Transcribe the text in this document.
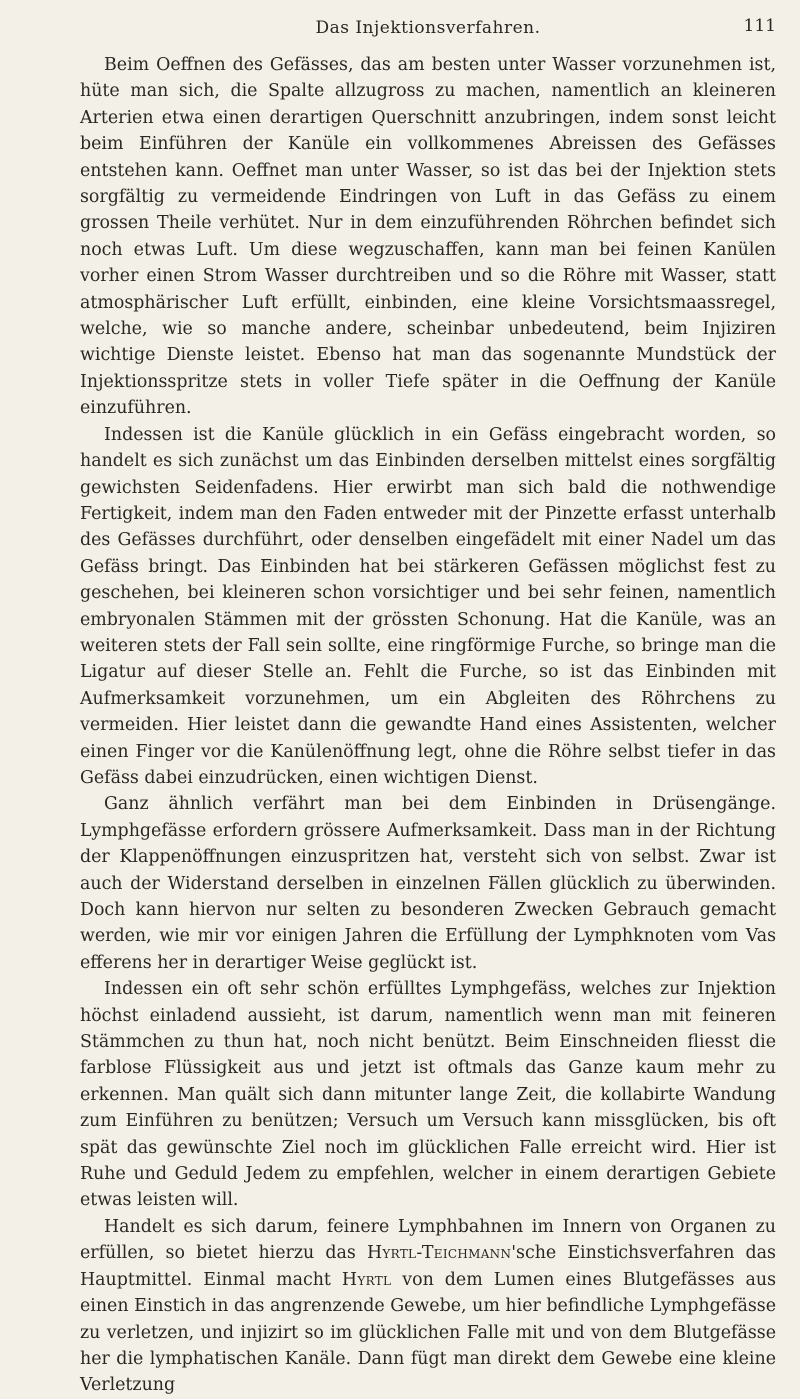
Das Injektionsverfahren.	111

Beim Oeffnen des Gefässes, das am besten unter Wasser vorzunehmen ist, hüte man sich, die Spalte allzugross zu machen, namentlich an kleineren Arterien etwa einen derartigen Querschnitt anzubringen, indem sonst leicht beim Einführen der Kanüle ein vollkommenes Abreissen des Gefässes entstehen kann. Oeffnet man unter Wasser, so ist das bei der Injektion stets sorgfältig zu vermeidende Eindringen von Luft in das Gefäss zu einem grossen Theile verhütet. Nur in dem einzuführenden Röhrchen befindet sich noch etwas Luft. Um diese wegzuschaffen, kann man bei feinen Kanülen vorher einen Strom Wasser durchtreiben und so die Röhre mit Wasser, statt atmosphärischer Luft erfüllt, einbinden, eine kleine Vorsichtsmaassregel, welche, wie so manche andere, scheinbar unbedeutend, beim Injiziren wichtige Dienste leistet. Ebenso hat man das sogenannte Mundstück der Injektionsspritze stets in voller Tiefe später in die Oeffnung der Kanüle einzuführen.

Indessen ist die Kanüle glücklich in ein Gefäss eingebracht worden, so handelt es sich zunächst um das Einbinden derselben mittelst eines sorgfältig gewichsten Seidenfadens. Hier erwirbt man sich bald die nothwendige Fertigkeit, indem man den Faden entweder mit der Pinzette erfasst unterhalb des Gefässes durchführt, oder denselben eingefädelt mit einer Nadel um das Gefäss bringt. Das Einbinden hat bei stärkeren Gefässen möglichst fest zu geschehen, bei kleineren schon vorsichtiger und bei sehr feinen, namentlich embryonalen Stämmen mit der grössten Schonung. Hat die Kanüle, was an weiteren stets der Fall sein sollte, eine ringförmige Furche, so bringe man die Ligatur auf dieser Stelle an. Fehlt die Furche, so ist das Einbinden mit Aufmerksamkeit vorzunehmen, um ein Abgleiten des Röhrchens zu vermeiden. Hier leistet dann die gewandte Hand eines Assistenten, welcher einen Finger vor die Kanülenöffnung legt, ohne die Röhre selbst tiefer in das Gefäss dabei einzudrücken, einen wichtigen Dienst.

Ganz ähnlich verfährt man bei dem Einbinden in Drüsengänge. Lymphgefässe erfordern grössere Aufmerksamkeit. Dass man in der Richtung der Klappenöffnungen einzuspritzen hat, versteht sich von selbst. Zwar ist auch der Widerstand derselben in einzelnen Fällen glücklich zu überwinden. Doch kann hiervon nur selten zu besonderen Zwecken Gebrauch gemacht werden, wie mir vor einigen Jahren die Erfüllung der Lymphknoten vom Vas efferens her in derartiger Weise geglückt ist.

Indessen ein oft sehr schön erfülltes Lymphgefäss, welches zur Injektion höchst einladend aussieht, ist darum, namentlich wenn man mit feineren Stämmchen zu thun hat, noch nicht benützt. Beim Einschneiden fliesst die farblose Flüssigkeit aus und jetzt ist oftmals das Ganze kaum mehr zu erkennen. Man quält sich dann mitunter lange Zeit, die kollabirte Wandung zum Einführen zu benützen; Versuch um Versuch kann missglücken, bis oft spät das gewünschte Ziel noch im glücklichen Falle erreicht wird. Hier ist Ruhe und Geduld Jedem zu empfehlen, welcher in einem derartigen Gebiete etwas leisten will.

Handelt es sich darum, feinere Lymphbahnen im Innern von Organen zu erfüllen, so bietet hierzu das Hyrtl-Teichmann'sche Einstichsverfahren das Hauptmittel. Einmal macht Hyrtl von dem Lumen eines Blutgefässes aus einen Einstich in das angrenzende Gewebe, um hier befindliche Lymphgefässe zu verletzen, und injizirt so im glücklichen Falle mit und von dem Blutgefässe her die lymphatischen Kanäle. Dann fügt man direkt dem Gewebe eine kleine Verletzung
